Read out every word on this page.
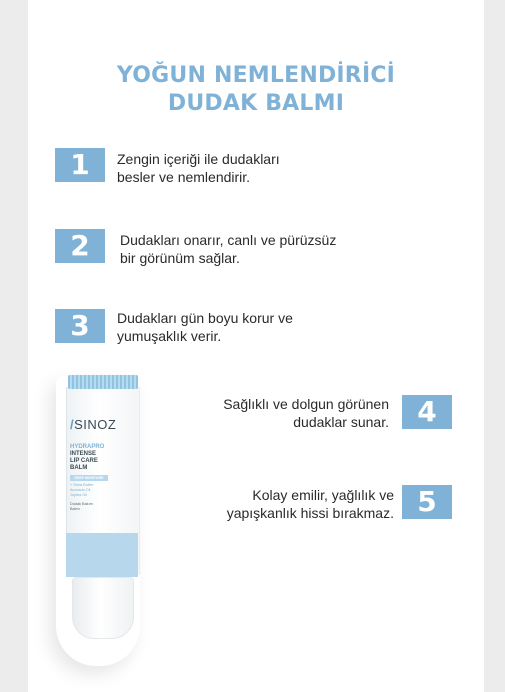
YOĞUN NEMLENDİRİCİ
DUDAK BALMI
1	Zengin içeriği ile dudakları
besler ve nemlendirir.
2	Dudakları onarır, canlı ve pürüzsüz
bir görünüm sağlar.
3	Dudakları gün boyu korur ve
yumuşaklık verir.
Sağlıklı ve dolgun görünen
dudaklar sunar.	4
Kolay emilir, yağlılık ve
yapışkanlık hissi bırakmaz. 5
/SINOZ
HYDRAPRO
INTENSE
LIP CARE
BALM
DEEP MOISTURE
+ Shea Butter
Avocado Oil
Jojoba Oil
Dudak Bakım
Balmı
